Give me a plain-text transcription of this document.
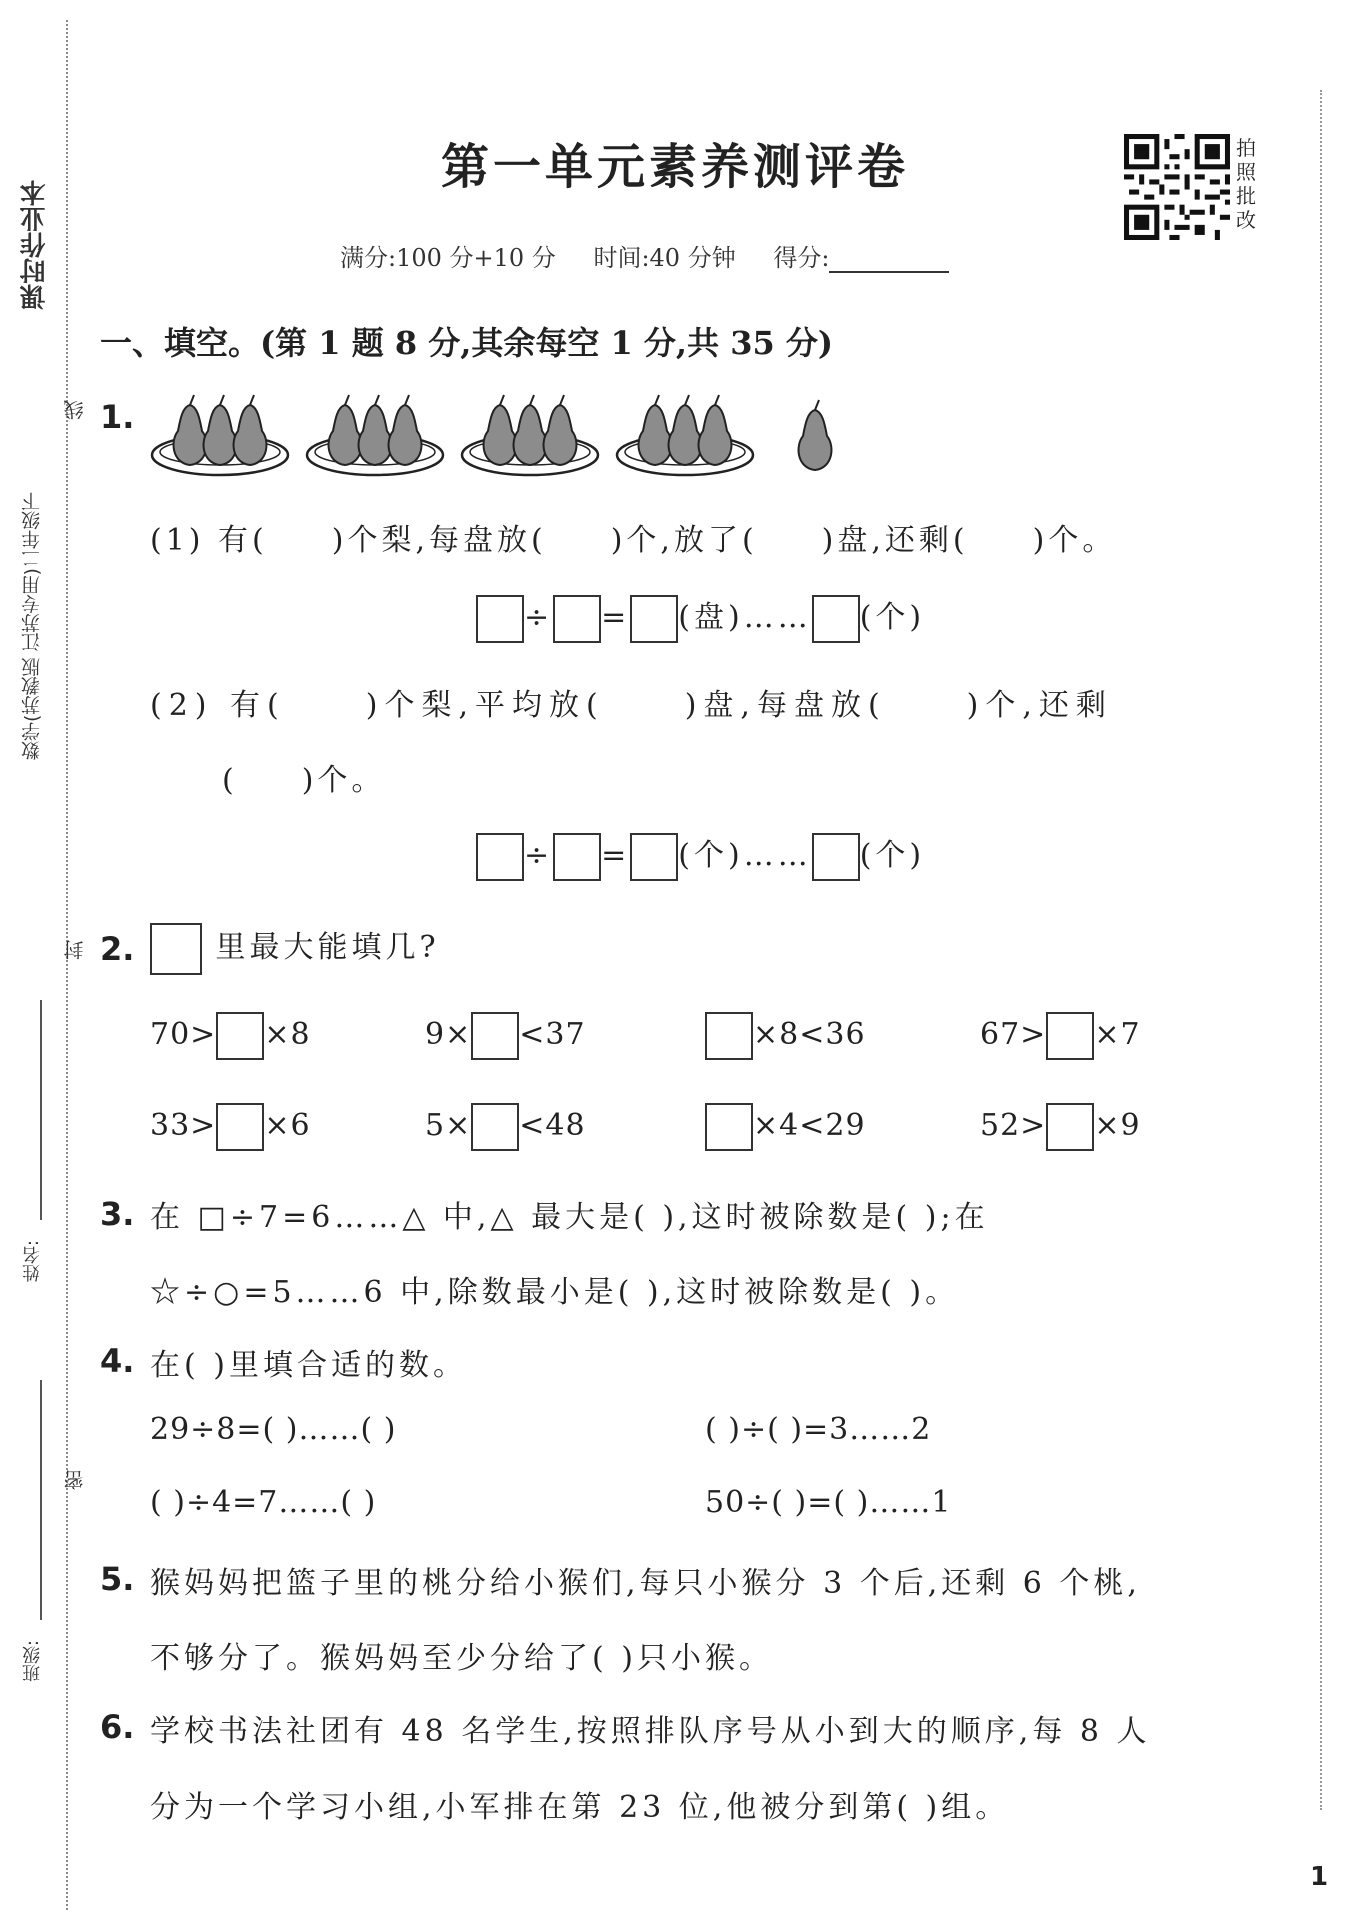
课时作业本
数学(苏教版 江苏专用)二年级下
线
封
密
姓名:
班级:
第一单元素养测评卷	拍
照
批
改
满分:100 分+10 分 时间:40 分钟 得分:
一、填空。(第 1 题 8 分,其余每空 1 分,共 35 分)
1.
(1) 有( )个梨,每盘放( )个,放了( )盘,还剩( )个。
÷ = (盘)…… (个)
(2) 有(	)个梨,平均放(	)盘,每盘放(	)个,还剩
( )个。
÷ = (个)…… (个)
2.	里最大能填几?
70> ×8	9× <37	×8<36	67> ×7
33> ×6	5× <48	×4<29	52> ×9
3. 在 □÷7=6……△ 中,△ 最大是( ),这时被除数是( );在
☆÷○=5……6 中,除数最小是( ),这时被除数是( )。
4. 在( )里填合适的数。
29÷8=( )……( )	( )÷( )=3……2
( )÷4=7……( )	50÷( )=( )……1
5. 猴妈妈把篮子里的桃分给小猴们,每只小猴分 3 个后,还剩 6 个桃,
不够分了。猴妈妈至少分给了( )只小猴。
6. 学校书法社团有 48 名学生,按照排队序号从小到大的顺序,每 8 人
分为一个学习小组,小军排在第 23 位,他被分到第( )组。
1
